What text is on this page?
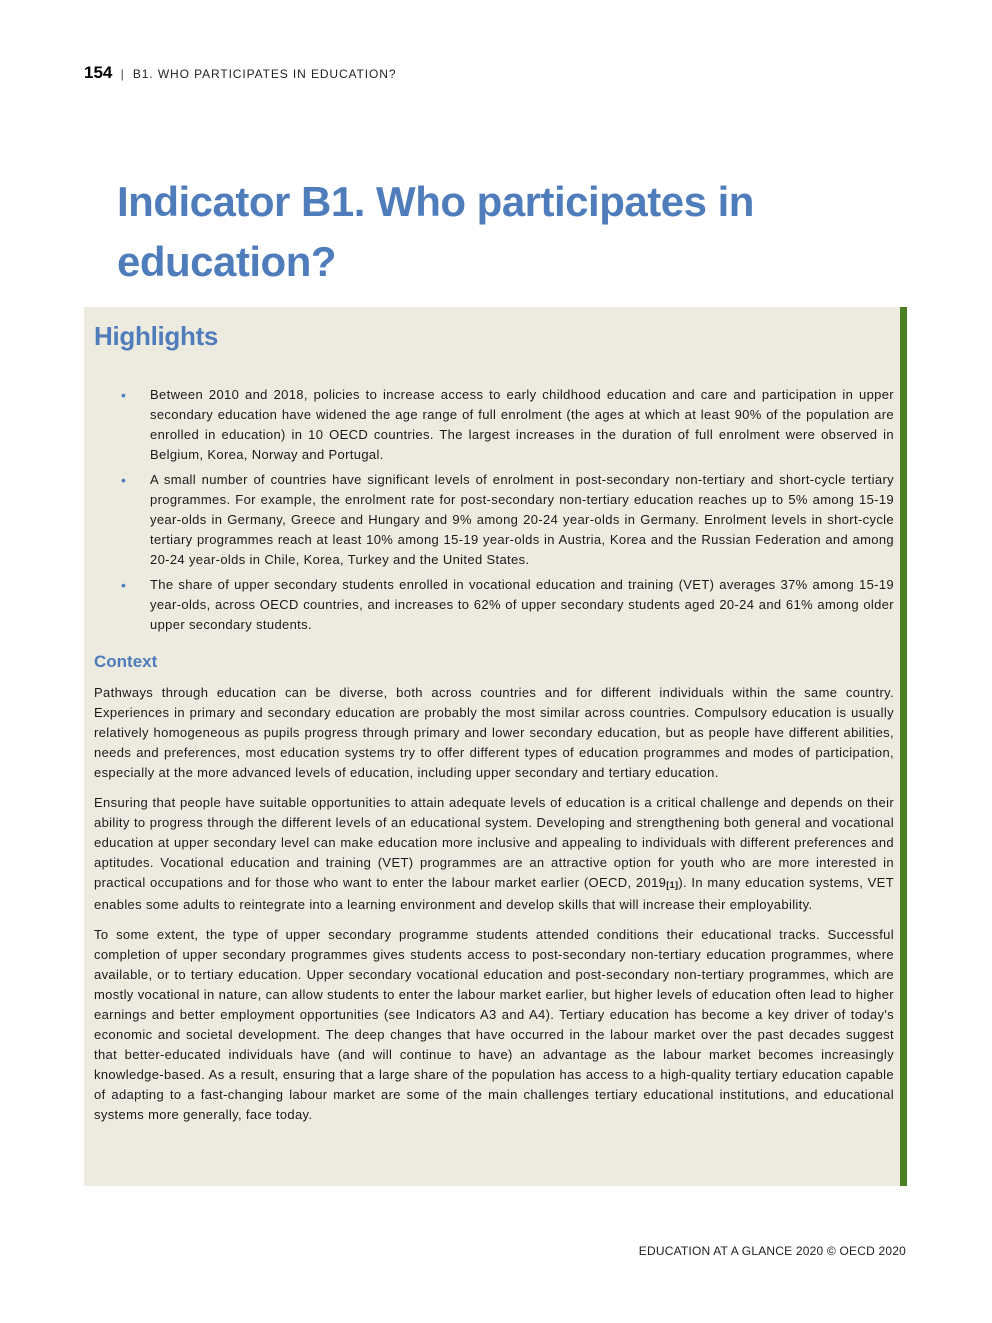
154 | B1. WHO PARTICIPATES IN EDUCATION?
Indicator B1. Who participates in education?
Highlights
• Between 2010 and 2018, policies to increase access to early childhood education and care and participation in upper secondary education have widened the age range of full enrolment (the ages at which at least 90% of the population are enrolled in education) in 10 OECD countries. The largest increases in the duration of full enrolment were observed in Belgium, Korea, Norway and Portugal.
• A small number of countries have significant levels of enrolment in post-secondary non-tertiary and short-cycle tertiary programmes. For example, the enrolment rate for post-secondary non-tertiary education reaches up to 5% among 15-19 year-olds in Germany, Greece and Hungary and 9% among 20-24 year-olds in Germany. Enrolment levels in short-cycle tertiary programmes reach at least 10% among 15-19 year-olds in Austria, Korea and the Russian Federation and among 20-24 year-olds in Chile, Korea, Turkey and the United States.
• The share of upper secondary students enrolled in vocational education and training (VET) averages 37% among 15-19 year-olds, across OECD countries, and increases to 62% of upper secondary students aged 20-24 and 61% among older upper secondary students.
Context

Pathways through education can be diverse, both across countries and for different individuals within the same country. Experiences in primary and secondary education are probably the most similar across countries. Compulsory education is usually relatively homogeneous as pupils progress through primary and lower secondary education, but as people have different abilities, needs and preferences, most education systems try to offer different types of education programmes and modes of participation, especially at the more advanced levels of education, including upper secondary and tertiary education.

Ensuring that people have suitable opportunities to attain adequate levels of education is a critical challenge and depends on their ability to progress through the different levels of an educational system. Developing and strengthening both general and vocational education at upper secondary level can make education more inclusive and appealing to individuals with different preferences and aptitudes. Vocational education and training (VET) programmes are an attractive option for youth who are more interested in practical occupations and for those who want to enter the labour market earlier (OECD, 2019[1]). In many education systems, VET enables some adults to reintegrate into a learning environment and develop skills that will increase their employability.

To some extent, the type of upper secondary programme students attended conditions their educational tracks. Successful completion of upper secondary programmes gives students access to post-secondary non-tertiary education programmes, where available, or to tertiary education. Upper secondary vocational education and post-secondary non-tertiary programmes, which are mostly vocational in nature, can allow students to enter the labour market earlier, but higher levels of education often lead to higher earnings and better employment opportunities (see Indicators A3 and A4). Tertiary education has become a key driver of today's economic and societal development. The deep changes that have occurred in the labour market over the past decades suggest that better-educated individuals have (and will continue to have) an advantage as the labour market becomes increasingly knowledge-based. As a result, ensuring that a large share of the population has access to a high-quality tertiary education capable of adapting to a fast-changing labour market are some of the main challenges tertiary educational institutions, and educational systems more generally, face today.

EDUCATION AT A GLANCE 2020 © OECD 2020
